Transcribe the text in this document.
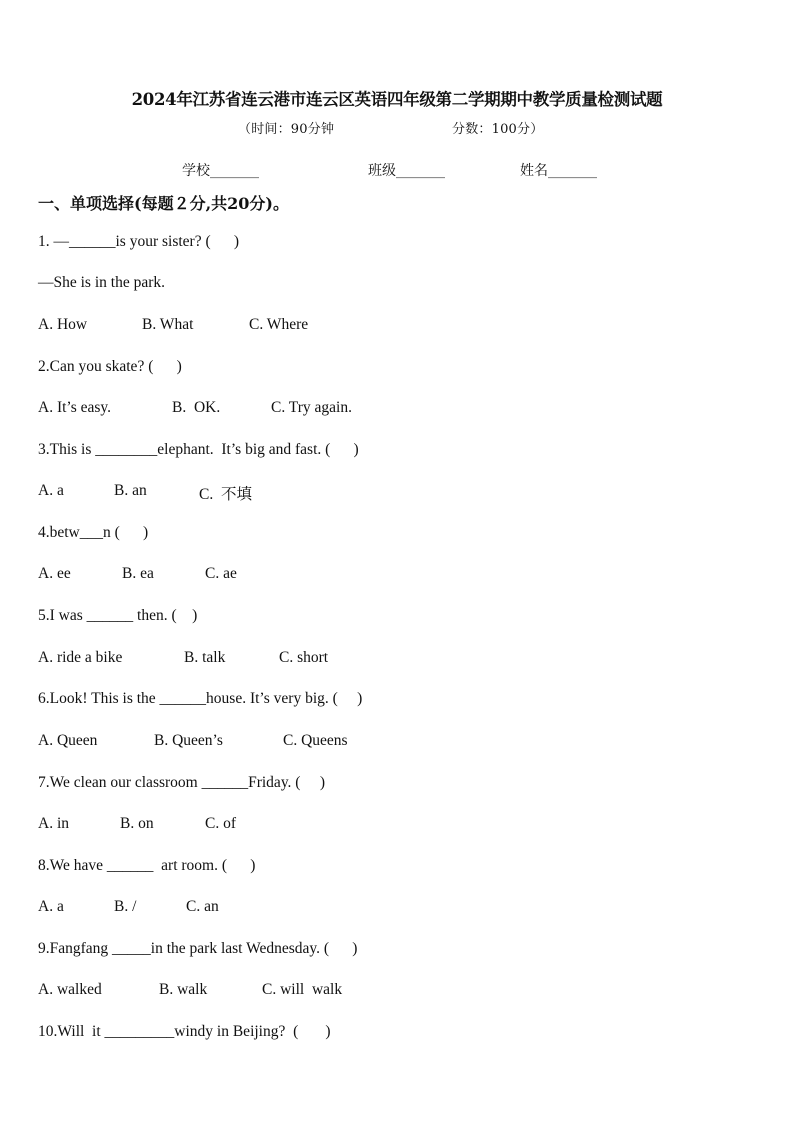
2024年江苏省连云港市连云区英语四年级第二学期期中教学质量检测试题
（时间：90分钟	分数：100分）
学校_______	班级_______	姓名_______
一、单项选择(每题２分,共20分)。
1. —______is your sister? (      )
—She is in the park.
A. How	B. What	C. Where
2.Can you skate? (      )
A. It’s easy.	B.  OK.	C. Try again.
3.This is ________elephant.  It’s big and fast. (      )
A. a	B. an	C.  不填
4.betw___n (      )
A. ee	B. ea	C. ae
5.I was ______ then. (    )
A. ride a bike	B. talk	C. short
6.Look! This is the ______house. It’s very big. (     )
A. Queen	B. Queen’s	C. Queens
7.We clean our classroom ______Friday. (     )
A. in	B. on	C. of
8.We have ______  art room. (      )
A. a	B. /	C. an
9.Fangfang _____in the park last Wednesday. (      )
A. walked	B. walk	C. will  walk
10.Will  it _________windy in Beijing?  (       )
